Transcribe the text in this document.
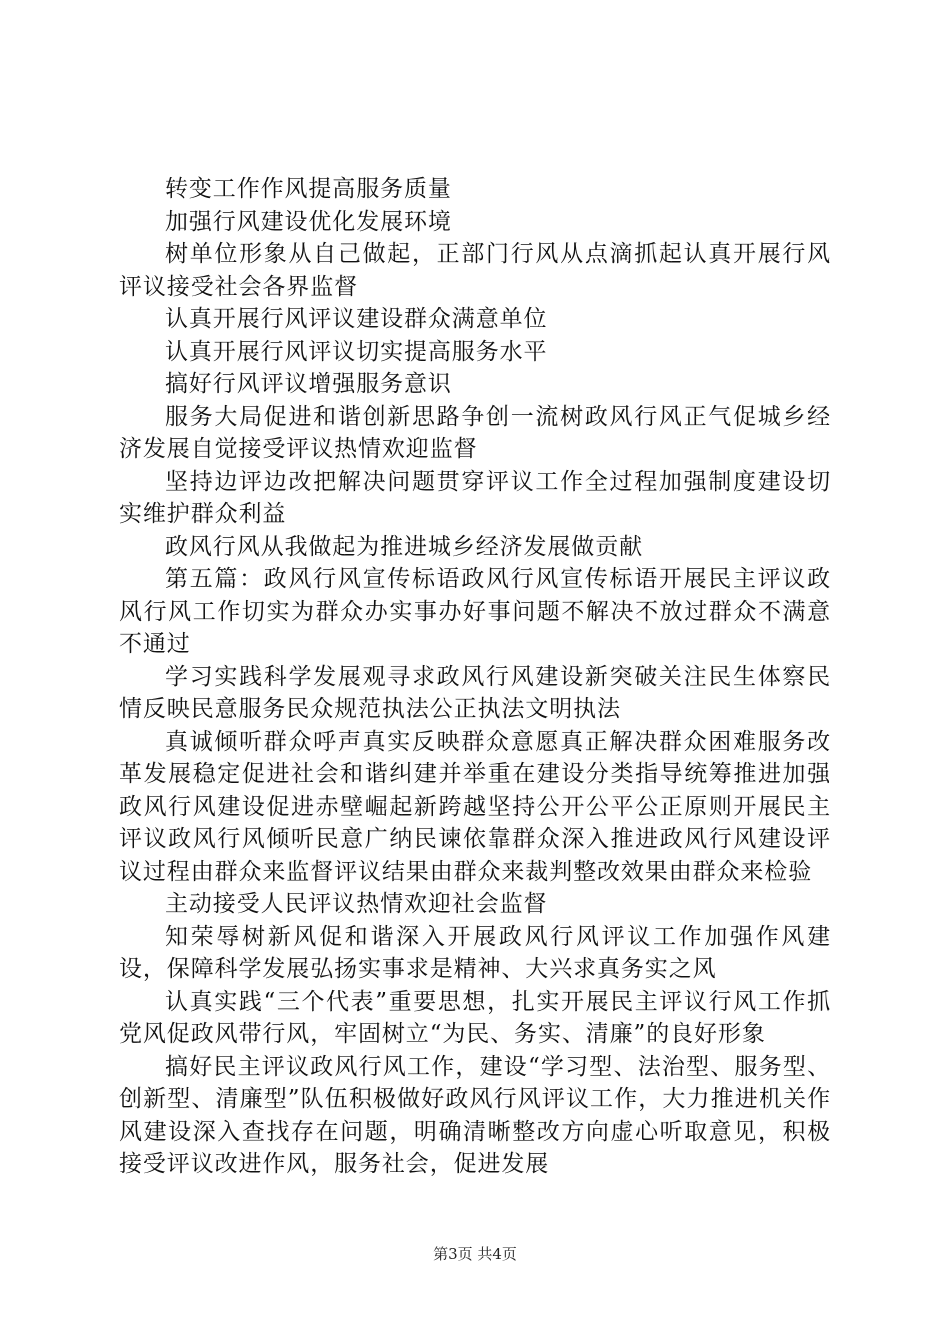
转变工作作风提高服务质量

加强行风建设优化发展环境

树单位形象从自己做起，正部门行风从点滴抓起认真开展行风评议接受社会各界监督

认真开展行风评议建设群众满意单位

认真开展行风评议切实提高服务水平

搞好行风评议增强服务意识

服务大局促进和谐创新思路争创一流树政风行风正气促城乡经济发展自觉接受评议热情欢迎监督

坚持边评边改把解决问题贯穿评议工作全过程加强制度建设切实维护群众利益

政风行风从我做起为推进城乡经济发展做贡献

第五篇：政风行风宣传标语政风行风宣传标语开展民主评议政风行风工作切实为群众办实事办好事问题不解决不放过群众不满意不通过

学习实践科学发展观寻求政风行风建设新突破关注民生体察民情反映民意服务民众规范执法公正执法文明执法

真诚倾听群众呼声真实反映群众意愿真正解决群众困难服务改革发展稳定促进社会和谐纠建并举重在建设分类指导统筹推进加强政风行风建设促进赤壁崛起新跨越坚持公开公平公正原则开展民主评议政风行风倾听民意广纳民谏依靠群众深入推进政风行风建设评议过程由群众来监督评议结果由群众来裁判整改效果由群众来检验

主动接受人民评议热情欢迎社会监督

知荣辱树新风促和谐深入开展政风行风评议工作加强作风建设，保障科学发展弘扬实事求是精神、大兴求真务实之风

认真实践“三个代表”重要思想，扎实开展民主评议行风工作抓党风促政风带行风，牢固树立“为民、务实、清廉”的良好形象

搞好民主评议政风行风工作，建设“学习型、法治型、服务型、创新型、清廉型”队伍积极做好政风行风评议工作，大力推进机关作风建设深入查找存在问题，明确清晰整改方向虚心听取意见，积极接受评议改进作风，服务社会，促进发展

第3页 共4页
